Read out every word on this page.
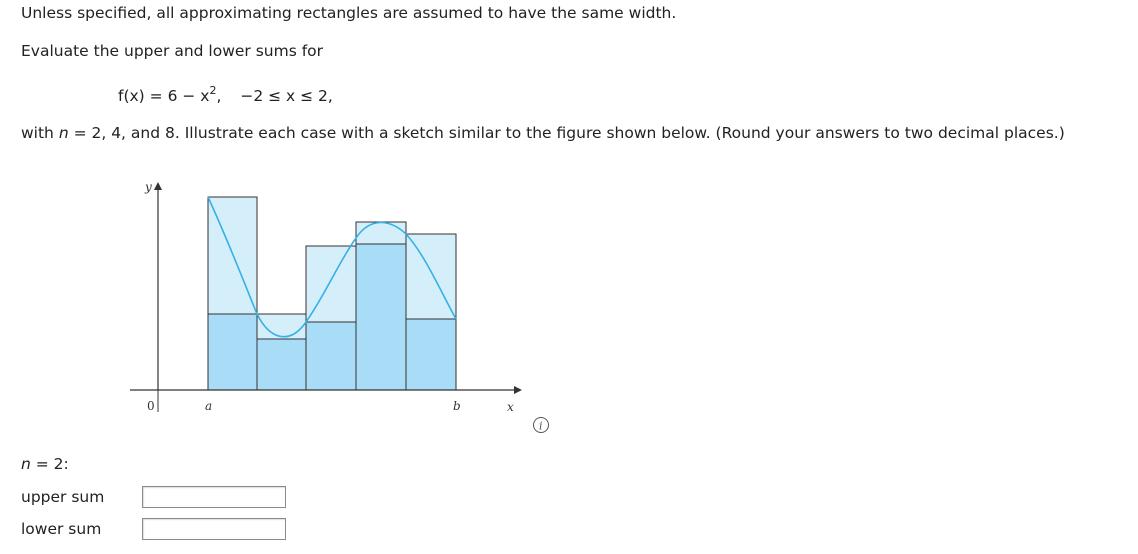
Unless specified, all approximating rectangles are assumed to have the same width.
Evaluate the upper and lower sums for
$f(x) = 6 - x^2$, −2 ≤ x ≤ 2,
with n = 2, 4, and 8. Illustrate each case with a sketch similar to the figure shown below. (Round your answers to two decimal places.)
y
x
0	a	b
i
n = 2:
upper sum
lower sum
